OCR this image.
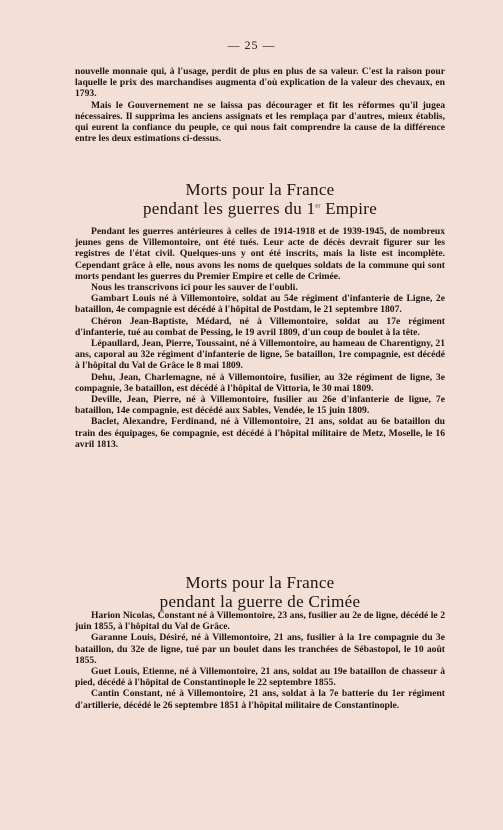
— 25 —

nouvelle monnaie qui, à l'usage, perdit de plus en plus de sa valeur. C'est la raison pour laquelle le prix des marchandises augmenta d'où explication de la valeur des chevaux, en 1793.

Mais le Gouvernement ne se laissa pas décourager et fit les réformes qu'il jugea nécessaires. Il supprima les anciens assignats et les remplaça par d'autres, mieux établis, qui eurent la confiance du peuple, ce qui nous fait comprendre la cause de la différence entre les deux estimations ci-dessus.

Morts pour la France
pendant les guerres du 1er Empire

Pendant les guerres antérieures à celles de 1914-1918 et de 1939-1945, de nombreux jeunes gens de Villemontoire, ont été tués. Leur acte de décès devrait figurer sur les registres de l'état civil. Quelques-uns y ont été inscrits, mais la liste est incomplète. Cependant grâce à elle, nous avons les noms de quelques soldats de la commune qui sont morts pendant les guerres du Premier Empire et celle de Crimée.

Nous les transcrivons ici pour les sauver de l'oubli.

Gambart Louis né à Villemontoire, soldat au 54e régiment d'infanterie de Ligne, 2e bataillon, 4e compagnie est décédé à l'hôpital de Postdam, le 21 septembre 1807.

Chéron Jean-Baptiste, Médard, né à Villemontoire, soldat au 17e régiment d'infanterie, tué au combat de Pessing, le 19 avril 1809, d'un coup de boulet à la tête.

Lépaullard, Jean, Pierre, Toussaint, né à Villemontoire, au hameau de Charentigny, 21 ans, caporal au 32e régiment d'infanterie de ligne, 5e bataillon, 1re compagnie, est décédé à l'hôpital du Val de Grâce le 8 mai 1809.

Dehu, Jean, Charlemagne, né à Villemontoire, fusilier, au 32e régiment de ligne, 3e compagnie, 3e bataillon, est décédé à l'hôpital de Vittoria, le 30 mai 1809.

Deville, Jean, Pierre, né à Villemontoire, fusilier au 26e d'infanterie de ligne, 7e bataillon, 14e compagnie, est décédé aux Sables, Vendée, le 15 juin 1809.

Baclet, Alexandre, Ferdinand, né à Villemontoire, 21 ans, soldat au 6e bataillon du train des équipages, 6e compagnie, est décédé à l'hôpital militaire de Metz, Moselle, le 16 avril 1813.

Morts pour la France
pendant la guerre de Crimée

Harion Nicolas, Constant né à Villemontoire, 23 ans, fusilier au 2e de ligne, décédé le 2 juin 1855, à l'hôpital du Val de Grâce.

Garanne Louis, Désiré, né à Villemontoire, 21 ans, fusilier à la 1re compagnie du 3e bataillon, du 32e de ligne, tué par un boulet dans les tranchées de Sébastopol, le 10 août 1855.

Guet Louis, Etienne, né à Villemontoire, 21 ans, soldat au 19e bataillon de chasseur à pied, décédé à l'hôpital de Constantinople le 22 septembre 1855.

Cantin Constant, né à Villemontoire, 21 ans, soldat à la 7e batterie du 1er régiment d'artillerie, décédé le 26 septembre 1851 à l'hôpital militaire de Constantinople.
